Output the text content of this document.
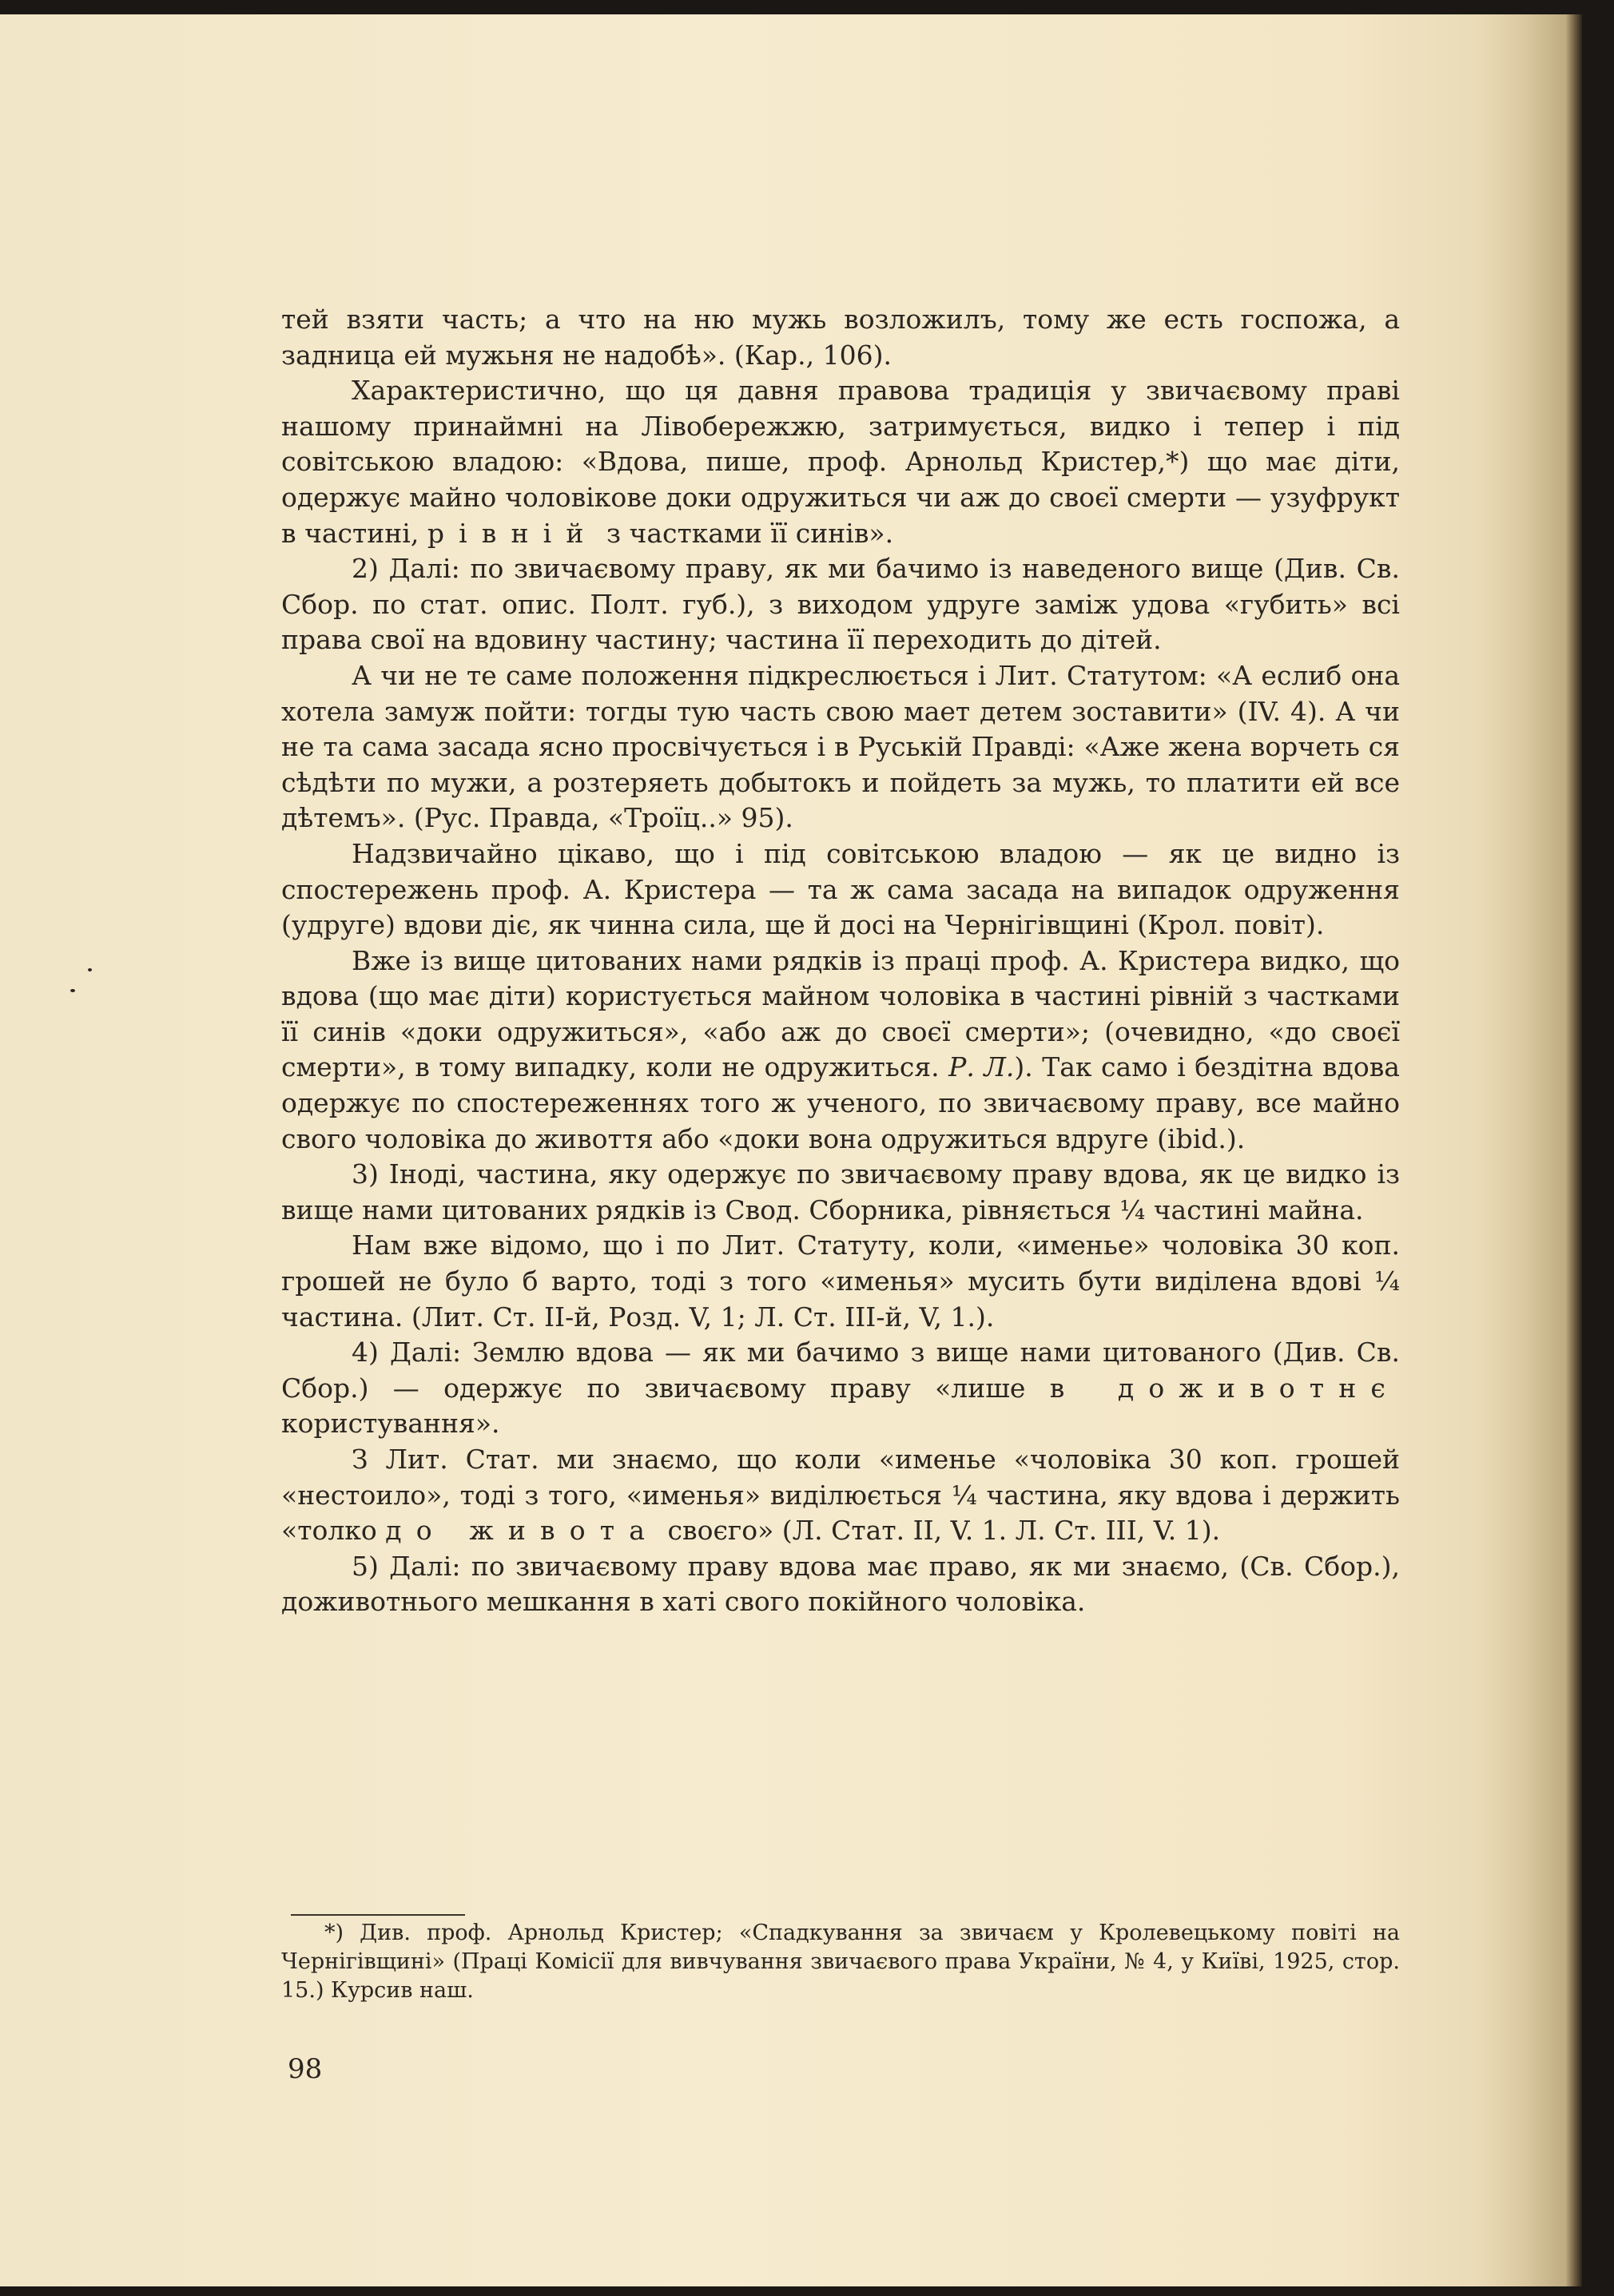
тей взяти часть; а что на ню мужь возложилъ, тому же есть госпожа, а задница ей мужьня не надобѣ». (Кар., 106).

Характеристично, що ця давня правова традиція у звичаєвому праві нашому принаймні на Лівобережжю, затримується, видко і тепер і під совітською владою: «Вдова, пише, проф. Арнольд Кристер,*) що має діти, одержує майно чоловікове доки одружиться чи аж до своєї смерти — узуфрукт в частині, рівній з частками її синів».

2) Далі: по звичаєвому праву, як ми бачимо із наведеного вище (Див. Св. Сбор. по стат. опис. Полт. губ.), з виходом удруге заміж удова «губить» всі права свої на вдовину частину; частина її переходить до дітей.

А чи не те саме положення підкреслюється і Лит. Статутом: «А еслиб она хотела замуж пойти: тогды тую часть свою мает детем зоставити» (IV. 4). А чи не та сама засада ясно просвічується і в Руській Правді: «Аже жена ворчеть ся сѣдѣти по мужи, а розтеряеть добытокъ и пойдеть за мужь, то платити ей все дѣтемъ». (Рус. Правда, «Троїц..» 95).

Надзвичайно цікаво, що і під совітською владою — як це видно із спостережень проф. А. Кристера — та ж сама засада на випадок одруження (удруге) вдови діє, як чинна сила, ще й досі на Чернігівщині (Крол. повіт).

Вже із вище цитованих нами рядків із праці проф. А. Кристера видко, що вдова (що має діти) користується майном чоловіка в частині рівній з частками її синів «доки одружиться», «або аж до своєї смерти»; (очевидно, «до своєї смерти», в тому випадку, коли не одружиться. Р. Л.). Так само і бездітна вдова одержує по спостереженнях того ж ученого, по звичаєвому праву, все майно свого чоловіка до живоття або «доки вона одружиться вдруге (ibid.).

3) Іноді, частина, яку одержує по звичаєвому праву вдова, як це видко із вище нами цитованих рядків із Свод. Сборника, рівняється ¼ частині майна.

Нам вже відомо, що і по Лит. Статуту, коли, «именье» чоловіка 30 коп. грошей не було б варто, тоді з того «именья» мусить бути виділена вдові ¼ частина. (Лит. Ст. II-й, Розд. V, 1; Л. Ст. III-й, V, 1.).

4) Далі: Землю вдова — як ми бачимо з вище нами цитованого (Див. Св. Сбор.) — одержує по звичаєвому праву «лише в доживотнє користування».

З Лит. Стат. ми знаємо, що коли «именье «чоловіка 30 коп. грошей «нестоило», тоді з того, «именья» виділюється ¼ частина, яку вдова і держить «толко до живота своєго» (Л. Стат. II, V. 1. Л. Ст. III, V. 1).

5) Далі: по звичаєвому праву вдова має право, як ми знаємо, (Св. Сбор.), доживотнього мешкання в хаті свого покійного чоловіка.

*) Див. проф. Арнольд Кристер; «Спадкування за звичаєм у Кролевецькому повіті на Чернігівщині» (Праці Комісії для вивчування звичаєвого права України, № 4, у Київі, 1925, стор. 15.) Курсив наш.

98
